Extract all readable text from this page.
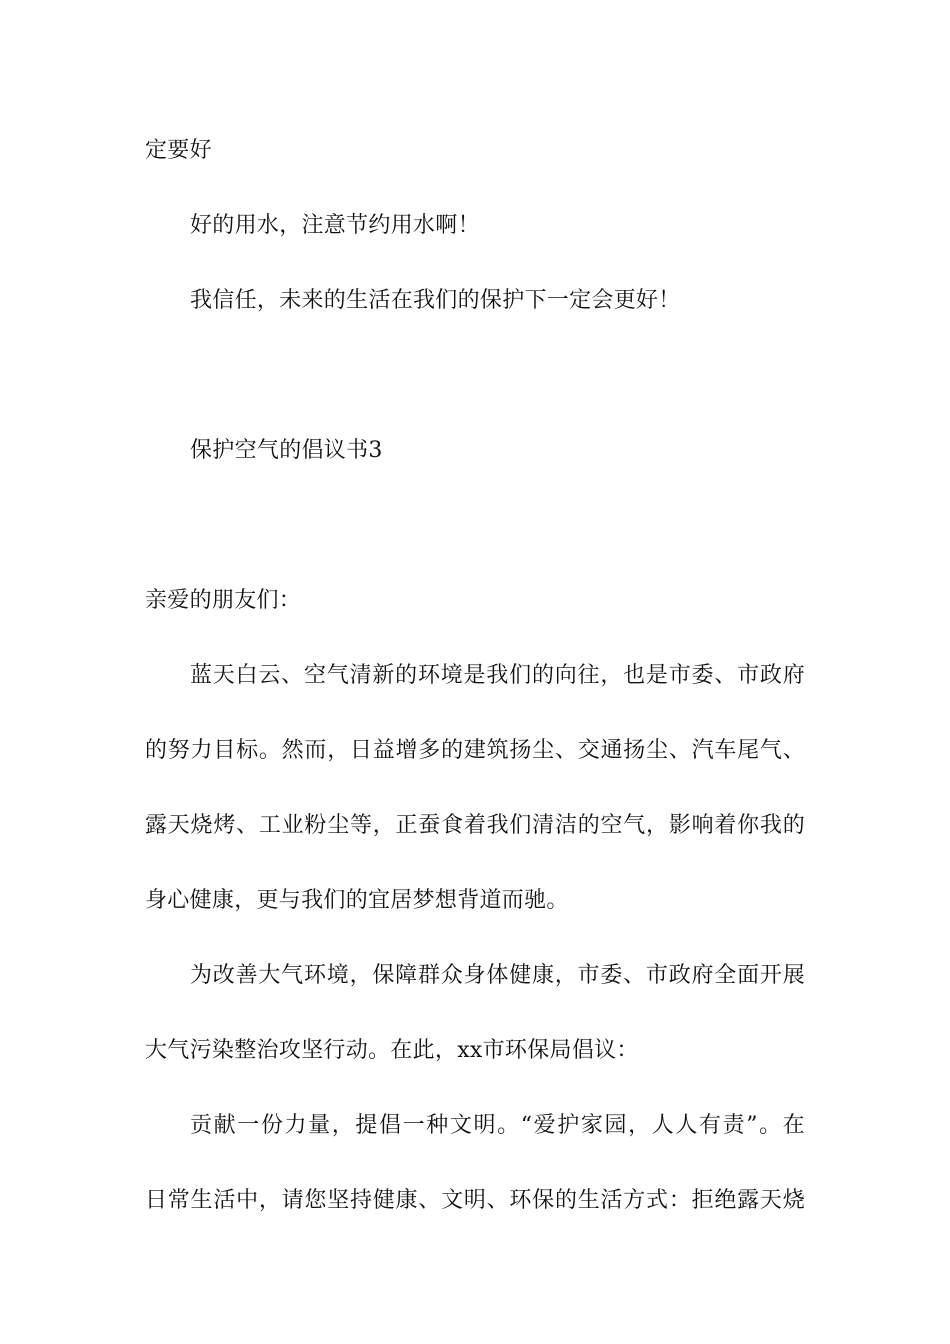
定要好
好的用水，注意节约用水啊！
我信任，未来的生活在我们的保护下一定会更好！
保护空气的倡议书3
亲爱的朋友们：
蓝天白云、空气清新的环境是我们的向往，也是市委、市政府
的努力目标。然而，日益增多的建筑扬尘、交通扬尘、汽车尾气、
露天烧烤、工业粉尘等，正蚕食着我们清洁的空气，影响着你我的
身心健康，更与我们的宜居梦想背道而驰。
为改善大气环境，保障群众身体健康，市委、市政府全面开展
大气污染整治攻坚行动。在此，xx市环保局倡议：
贡献一份力量，提倡一种文明。“爱护家园，人人有责”。在
日常生活中，请您坚持健康、文明、环保的生活方式：拒绝露天烧
